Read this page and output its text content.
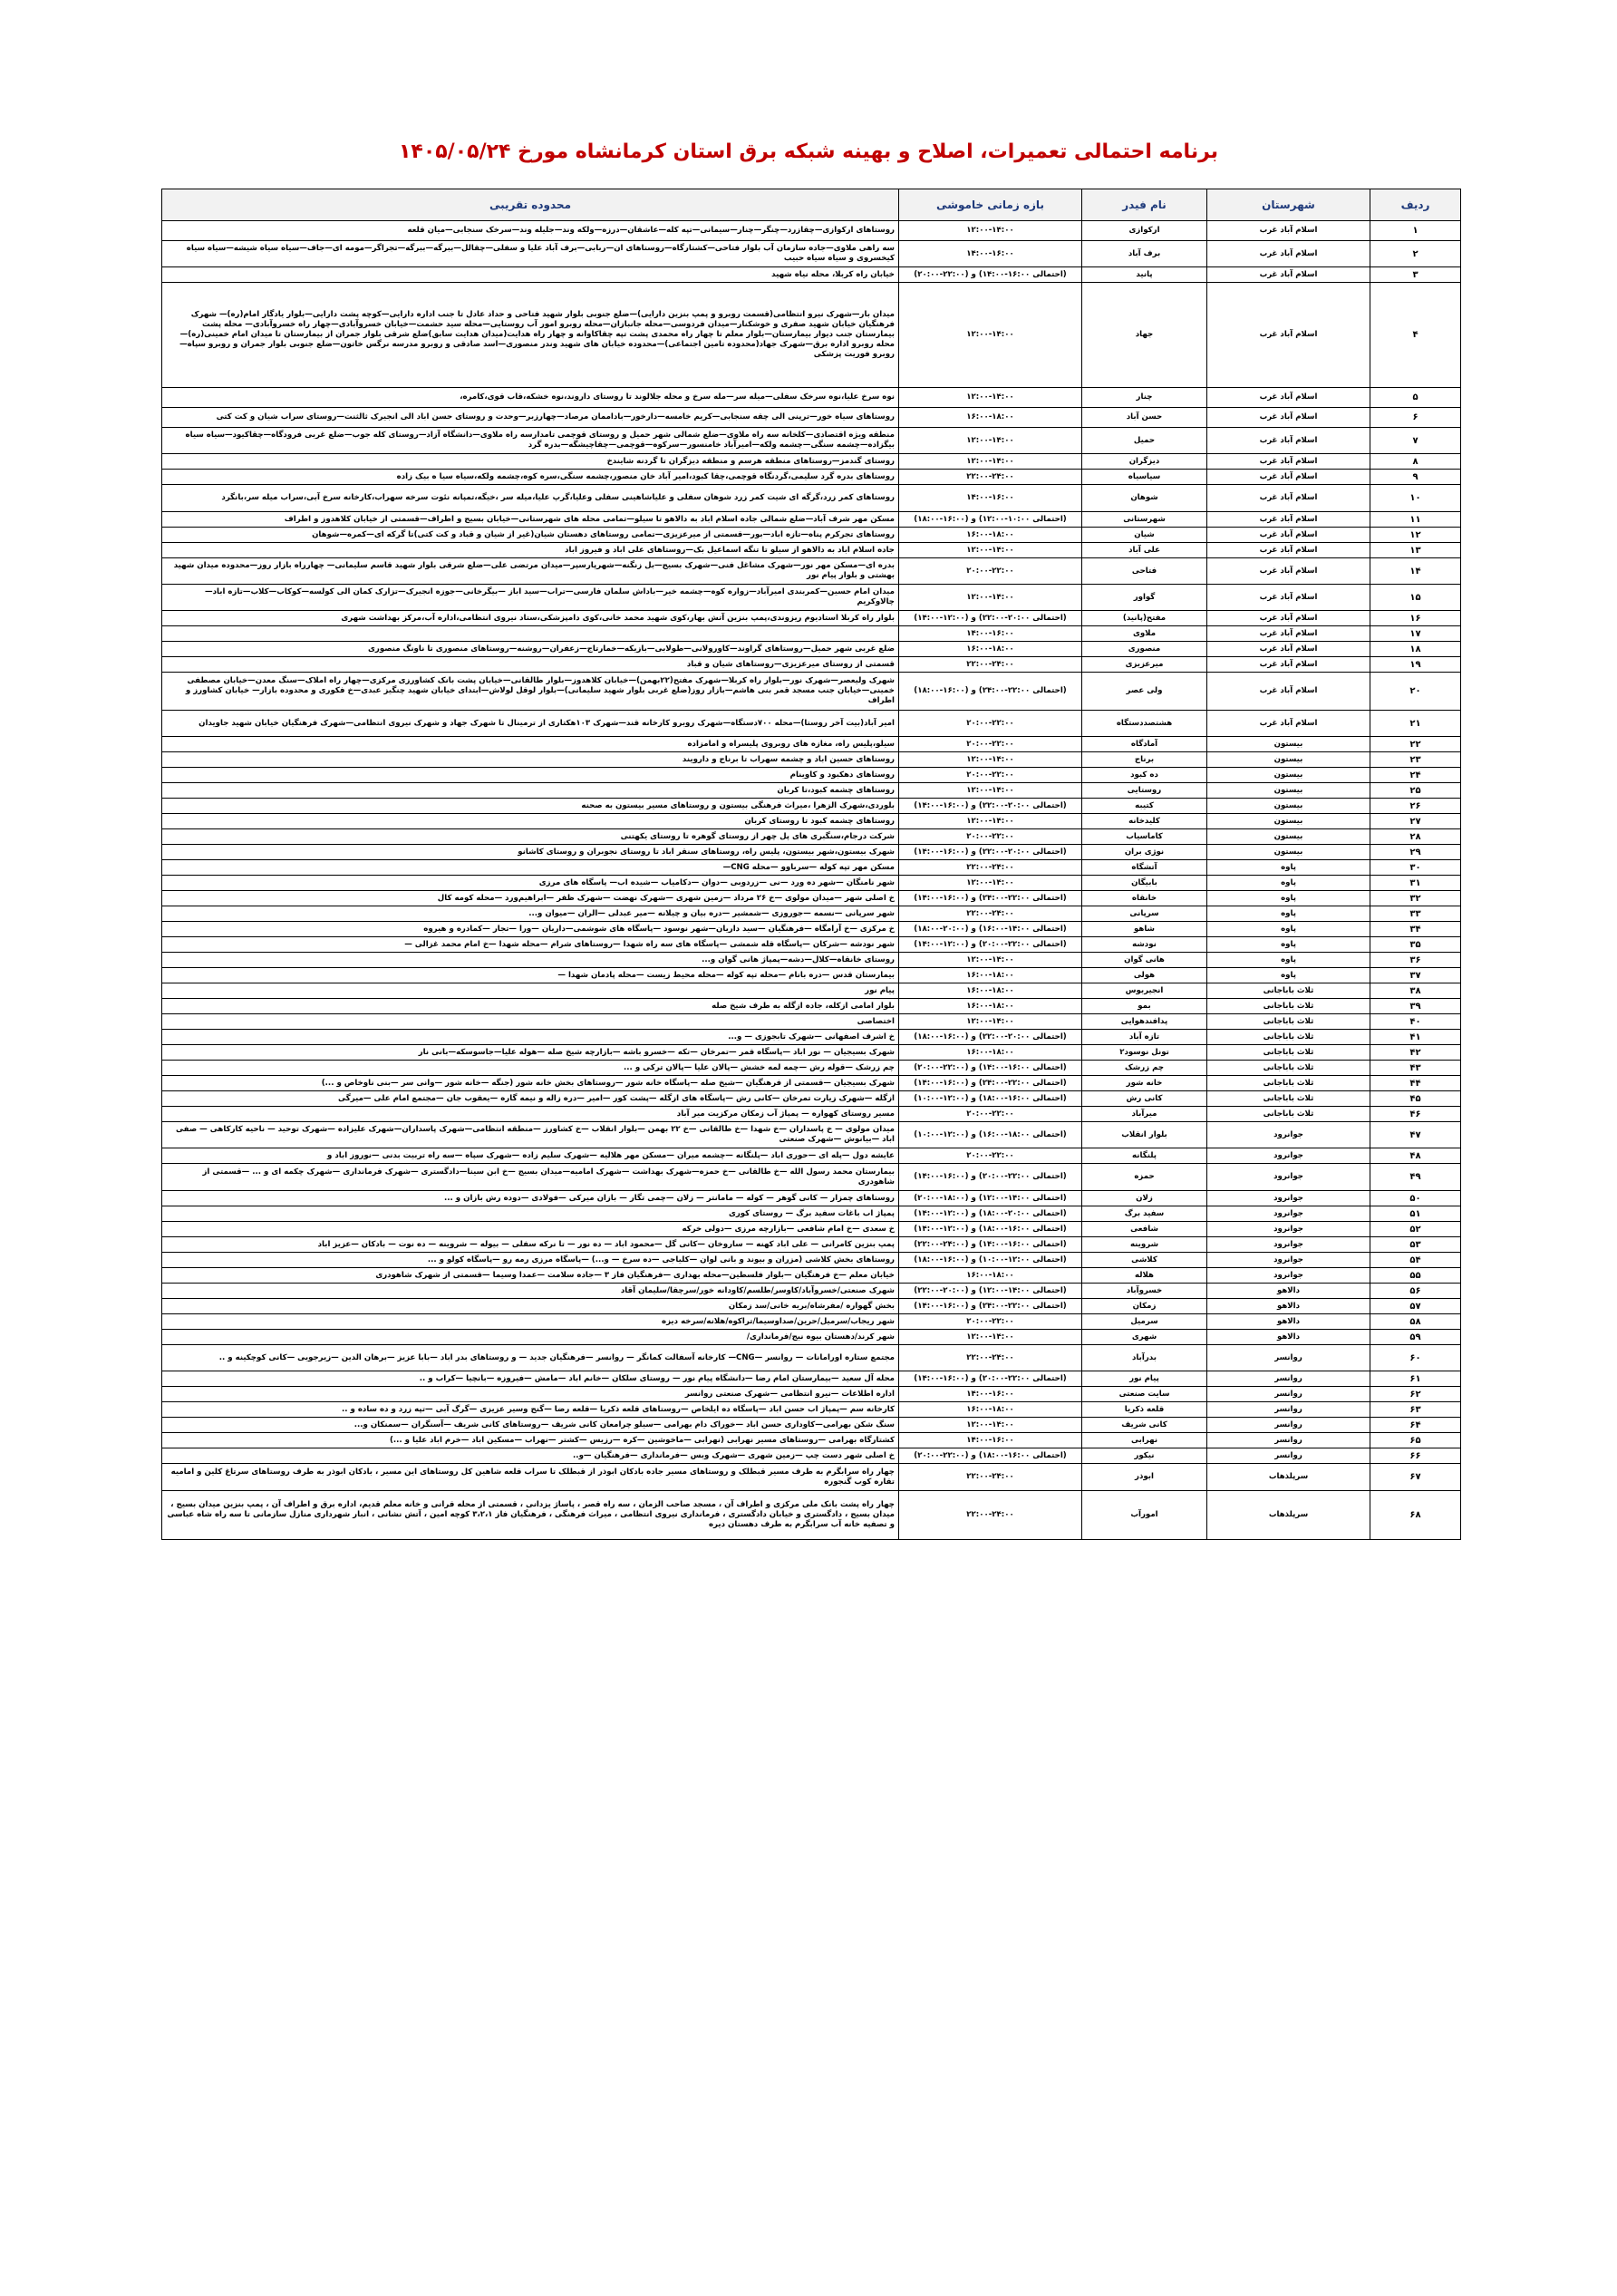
برنامه احتمالی تعمیرات، اصلاح و بهینه شبکه برق استان کرمانشاه مورخ ۱۴۰۵/۰۵/۲۴
ردیف	شهرستان	نام فیدر	بازه زمانی خاموشی	محدوده تقریبی
۱	اسلام آباد غرب	ارکوازی	۱۲:۰۰-۱۴:۰۰	روستاهای ارکوازی—چقازرد—چنگر—چنار—سیمانی—تپه کله—عاشقان—درزه—ولکه وند—جلیله وند—سرخک سنجابی—میان قلعه
۲	اسلام آباد غرب	برف آباد	۱۴:۰۰-۱۶:۰۰	سه راهی ملاوی—جاده سازمان آب بلوار فتاحی—کشتارگاه—روستاهای ان—ربابی—برف آباد علیا و سفلی—چقالل—ببرگه—ببرگه—تجراگر—مومه ای—جاف—سیاه سیاه شیشه—سیاه سیاه کیخسروی و سیاه سیاه حبیب
۳	اسلام آباد غرب	پانید	(احتمالی ۱۶:۰۰-۱۴:۰۰) و (۲۲:۰۰-۲۰:۰۰)	خیابان راه کربلا، محله نیاه شهید
۴	اسلام آباد غرب	جهاد	۱۲:۰۰-۱۴:۰۰	میدان بار—شهرک نیرو انتظامی(قسمت روبرو و پمپ بنزین دارایی)—ضلع جنوبی بلوار شهید فتاحی و حداد عادل تا جنب اداره دارایی—کوچه پشت دارایی—بلوار یادگار امام(ره)— شهرک فرهنگیان خیابان شهید صفری و خوشکنار—میدان فردوسی—محله جانبازان—محله روبرو امور آب روستایی—محله سید حشمت—خیابان خسروآبادی—چهار راه خسروآبادی— محله پشت بیمارستان جنب دیوار بیمارستان—بلوار معلم تا چهار راه محمدی پشت تپه چقاکاوانه و چهار راه هدایت(میدان هدایت سابق)ضلع شرقی بلوار جمران از بیمارستان تا میدان امام خمینی(ره)—محله روبرو اداره برق—شهرک جهاد(محدوده تامین اجتماعی)—محدوده خیابان های شهید وندر منصوری—اسد صادقی و روبرو مدرسه نرگس خاتون—ضلع جنوبی بلوار جمران و روبرو سپاه—روبرو فوریت پزشکی
۵	اسلام آباد غرب	چنار	۱۲:۰۰-۱۴:۰۰	نوه سرخ علیا،نوه سرخک سفلی—میله سر—مله سرخ و محله جلالوند تا روستای داروند،نوه خشکه،قاب قوی،کامره،
۶	اسلام آباد غرب	حسن آباد	۱۶:۰۰-۱۸:۰۰	روستاهای سیاه خور—ترپنی الی چقه سنجابی—کریم خامسه—دارخور—باداممان مرصاد—چهارزبر—وحدت و روستای حسن اباد الی انجیرک ثالثنت—روستای سراب شیان و کت کتی
۷	اسلام آباد غرب	حمیل	۱۲:۰۰-۱۴:۰۰	منطقه ویژه اقتصادی—کلخانه سه راه ملاوی—ضلع شمالی شهر حمیل و روستای قوچمی تامدارسه راه ملاوی—دانشگاه آزاد—روستای کله جوب—ضلع غربی فرودگاه—چقاکیود—سیاه سیاه بیگزاده—چشمه سنگی—چشمه ولکه—امیرآباد خامنسور—سرکوه—قوچمی—چقاچیشگه—بدره گرد
۸	اسلام آباد غرب	دیزگران	۱۲:۰۰-۱۴:۰۰	روستای گندمز—روستاهای منطقه هرسم و منطقه دیزگران تا گردنه شایندخ
۹	اسلام آباد غرب	سیاسیاه	۲۲:۰۰-۲۴:۰۰	روستاهای بدره گرد سلیمی،گردنگاه قوچمی،چقا کبود،امیر آباد خان منصور،چشمه سنگی،سره کوه،چشمه ولکه،سیاه سیا ه بیک زاده
۱۰	اسلام آباد غرب	شوهان	۱۴:۰۰-۱۶:۰۰	روستاهای کمر زرد،گرگه ای شیت کمر زرد شوهان سفلی و علیاشاهینی سفلی وعلیا،گرپ علیا،میله سر ،خیگه،تمپانه نئوت سرخه سهراب،کارخانه سرخ آبی،سراب میله سر،بانگرد
۱۱	اسلام آباد غرب	شهرستانی	(احتمالی ۱۰:۰۰-۱۲:۰۰) و (۱۶:۰۰-۱۸:۰۰)	مسکن مهر شرف آباد—ضلع شمالی جاده اسلام اباد به دالاهو تا سیلو—تمامی محله های شهرستانی—خیابان بسیج و اطراف—قسمتی از خیابان کلاهدوز و اطراف
۱۲	اسلام آباد غرب	شیان	۱۶:۰۰-۱۸:۰۰	روستاهای تجرکرم پناه—تازه اباد—بور—قسمتی از میرعزیزی—تمامی روستاهای دهستان شیان(غیر از شیان و قباد و کت کتی)تا گرکه ای—کمره—شوهان
۱۳	اسلام آباد غرب	علی آباد	۱۲:۰۰-۱۴:۰۰	جاده اسلام اباد به دالاهو از سیلو تا تنگه اسماعیل بک—روستاهای علی اباد و فیروز اباد
۱۴	اسلام آباد غرب	فتاحی	۲۰:۰۰-۲۲:۰۰	بدره ای—مسکن مهر نور—شهرک مشاغل فنی—شهرک بسیج—بل زنگنه—شهرپارسپر—میدان مرتضی علی—ضلع شرقی بلوار شهید قاسم سلیمانی— چهارراه بازار روز—محدوده میدان شهید بهشتی و بلوار پیام نور
۱۵	اسلام آباد غرب	گواور	۱۲:۰۰-۱۴:۰۰	میدان امام حسین—کمربندی امیرآباد—زواره کوه—چشمه خیر—باداش سلمان فارسی—تراب—سید اباز —بیگرخانی—جوزه انجیرک—تزارک کمان الی کولسه—کوکاب—کلاب—تازه اباد— چالاوکریم
۱۶	اسلام آباد غرب	مفتح(پانید)	(احتمالی ۲۰:۰۰-۲۲:۰۰) و (۱۲:۰۰-۱۴:۰۰)	بلوار راه کربلا استادیوم ریزوندی،پمپ بنزین آتش بهار،کوی شهید محمد خانی،کوی دامپزشکی،ستاد نیروی انتظامی،اداره آب،مرکز بهداشت شهری
۱۷	اسلام آباد غرب	ملاوی	۱۴:۰۰-۱۶:۰۰	
۱۸	اسلام آباد غرب	منصوری	۱۶:۰۰-۱۸:۰۰	ضلع غربی شهر حمیل—روستاهای گراوند—کاورولانی—طولابی—بازیکه—خمارتاج—زعفران—روشنه—روستاهای منصوری تا ناونگ منصوری
۱۹	اسلام آباد غرب	میرعزیزی	۲۲:۰۰-۲۴:۰۰	قسمتی از روستای میرعزیزی—روستاهای شیان و قباد
۲۰	اسلام آباد غرب	ولی عصر	(احتمالی ۲۲:۰۰-۲۴:۰۰) و (۱۶:۰۰-۱۸:۰۰)	شهرک ولیعصر—شهرک نور—بلوار راه کربلا—شهرک مفتح(۲۲بهمن)—خیابان کلاهدوز—بلوار طالقانی—خیابان پشت بانک کشاورزی مرکزی—چهار راه املاک—سنگ معدن—خیابان مصطفی خمینی—خیابان جنب مسجد قمر بنی هاشم—بازار روز(ضلع غربی بلوار شهید سلیمانی)—بلوار لوقل لولاش—ابتدای خیابان شهید چنگیز عبدی—خ فکوری و محدوده بازار— خیابان کشاورز و اطراف
۲۱	اسلام آباد غرب	هشتصددستگاه	۲۰:۰۰-۲۲:۰۰	امیر آباد(بیت آخر روستا)—محله ۷۰۰دستگاه—شهرک روبرو کارخانه قند—شهرک ۱۰۳هکتاری از ترمینال تا شهرک جهاد و شهرک نیروی انتظامی—شهرک فرهنگیان خیابان شهید جاویدان
۲۲	بیستون	آمادگاه	۲۰:۰۰-۲۲:۰۰	سیلو،پلیس راه، مغازه های روبروی پلیسراه و امامزاده
۲۳	بیستون	برناج	۱۲:۰۰-۱۴:۰۰	روستاهای حسین اباد و چشمه سهراب تا برناج و دارویند
۲۴	بیستون	ده کبود	۲۰:۰۰-۲۲:۰۰	روستاهای دهکبود و کاوینام
۲۵	بیستون	روستایی	۱۲:۰۰-۱۴:۰۰	روستاهای چشمه کبود،تا کربان
۲۶	بیستون	کتیبه	(احتمالی ۲۰:۰۰-۲۲:۰۰) و (۱۶:۰۰-۱۴:۰۰)	بلوردی،شهرک الزهرا ،میراث فرهنگی بیستون و روستاهای مسیر بیستون به صحنه
۲۷	بیستون	کلیدخانه	۱۲:۰۰-۱۴:۰۰	روستاهای چشمه کبود تا روستای کربان
۲۸	بیستون	کاماسیاب	۲۰:۰۰-۲۲:۰۰	شرکت درجام،سنگبری های پل چهر از روستای گوهره تا روستای یکهتنی
۲۹	بیستون	نوژی بران	(احتمالی ۲۰:۰۰-۲۲:۰۰) و (۱۶:۰۰-۱۴:۰۰)	شهرک بیستون،شهر بیستون، پلیس راه، روستاهای سنقر اباد تا روستای نجوبران و روستای کاشانو
۳۰	پاوه	آتشگاه	۲۲:۰۰-۲۴:۰۰	مسکن مهر تپه کوله —سرباوو —محله CNG—
۳۱	پاوه	بابیگان	۱۲:۰۰-۱۴:۰۰	شهر نامنگان —شهر ده ورد —نی —زردوبی —دوان —دکامیاب —شیده اب— پاسگاه های مرزی
۳۲	پاوه	خانقاه	(احتمالی ۲۲:۰۰-۲۴:۰۰) و (۱۶:۰۰-۱۴:۰۰)	خ اصلی شهر —میدان مولوی —خ ۲۶ مرداد —زمین شهری —شهرک نهضت —شهرک ظفر —ابراهیم‌ورد —محله کومه کال
۳۳	پاوه	سرپانی	۲۲:۰۰-۲۴:۰۰	شهر سرپانی —نسمه —جوروزی —شمشیر —دره بیان و چیلانه —میر عبدلی —الران —میوان و...
۳۴	پاوه	شاهو	(احتمالی ۱۴:۰۰-۱۶:۰۰) و (۲۰:۰۰-۱۸:۰۰)	خ مرکزی —خ آرامگاه —فرهنگیان —سید داریان—شهر نوسود —پاسگاه های شوشمی—داریان —ورا —تجار —کمادره و هیروه
۳۵	پاوه	نودشه	(احتمالی ۲۲:۰۰-۲۰:۰۰) و (۱۲:۰۰-۱۴:۰۰)	شهر نودشه —شرکان —پاسگاه قله شمشی —پاسگاه های سه راه شهدا —روستاهای شرام —محله شهدا —خ امام محمد غزالی —
۳۶	پاوه	هانی گوان	۱۲:۰۰-۱۴:۰۰	روستای خانقاه—کلال—دشه—پمپاژ هانی گوان و...
۳۷	پاوه	هولی	۱۶:۰۰-۱۸:۰۰	بیمارستان قدس —دره بانام —محله تپه کوله —محله محیط زیست —محله پادمان شهدا —
۳۸	ثلاث باباجانی	انجیربوس	۱۶:۰۰-۱۸:۰۰	پیام نور
۳۹	ثلاث باباجانی	بمو	۱۶:۰۰-۱۸:۰۰	بلوار امامی ازکله، جاده ازگله به طرف شیخ صله
۴۰	ثلاث باباجانی	پدافندهوایی	۱۲:۰۰-۱۴:۰۰	اختصاصی
۴۱	ثلاث باباجانی	تازه آباد	(احتمالی ۲۰:۰۰-۲۲:۰۰) و (۱۶:۰۰-۱۸:۰۰)	خ اشرف اصفهانی —شهرک تابجوزی — و...
۴۲	ثلاث باباجانی	تونل نوسود۲	۱۶:۰۰-۱۸:۰۰	شهرک بسیجیان — نور اباد —پاسگاه قمر —تمرخان —تکه —خسرو باشه —بازارچه شیخ صله —هوله علیا—جاسوسکه—بانی نار
۴۳	ثلاث باباجانی	چم زرشک	(احتمالی ۱۶:۰۰-۱۴:۰۰) و (۲۲:۰۰-۲۰:۰۰)	چم زرشک —قوله رش —چمه لمه خشش —پالان علیا —پالان ترکی و ...
۴۴	ثلاث باباجانی	خانه شور	(احتمالی ۲۲:۰۰-۲۴:۰۰) و (۱۶:۰۰-۱۴:۰۰)	شهرک بسیجیان —قسمتی از فرهنگیان —شیخ صله —پاسگاه خانه شور —روستاهای بخش خانه شور (جنگه —خانه شور —وانی سر —بنی ناوخاص و ...)
۴۵	ثلاث باباجانی	کانی رش	(احتمالی ۱۶:۰۰-۱۸:۰۰) و (۱۲:۰۰-۱۰:۰۰)	ازگله —شهرک زیارت تمرخان —کانی رش —پاسگاه های ازگله —پشت کور —امیر —دره زاله و نیمه گاره —یعقوب جان —مجتمع امام علی —میرگی
۴۶	ثلاث باباجانی	میرآباد	۲۰:۰۰-۲۲:۰۰	مسیر روستای کهواره — پمپاژ آب زمکان مرکزیت میر آباد
۴۷	جوانرود	بلوار انقلاب	(احتمالی ۱۸:۰۰-۱۶:۰۰) و (۱۲:۰۰-۱۰:۰۰)	میدان مولوی — خ پاسداران —خ شهدا —خ طالقانی —خ ۲۲ بهمن —بلوار انقلاب —خ کشاورز —منطقه انتظامی—شهرک پاسداران—شهرک علیزاده —شهرک توحید — ناحیه کارکاهی — صفی اباد —بیانوش —شهرک صنعتی
۴۸	جوانرود	پلنگانه	۲۰:۰۰-۲۲:۰۰	عایشه دول —پله ای —حوری اباد —پلنگانه —چشمه میران —مسکن مهر هلالیه —شهرک سلیم زاده —شهرک سپاه —سه راه تربیت بدنی —نوروز اباد و
۴۹	جوانرود	حمزه	(احتمالی ۲۲:۰۰-۲۰:۰۰) و (۱۶:۰۰-۱۴:۰۰)	بیمارستان محمد رسول الله —خ طالقانی —خ حمزه—شهرک بهداشت —شهرک امامیه—میدان بسیج —خ ابن سینا—دادگستری —شهرک فرمانداری —شهرک چکمه ای و ... —قسمتی از شاهودری
۵۰	جوانرود	زلان	(احتمالی ۱۴:۰۰-۱۲:۰۰) و (۱۸:۰۰-۲۰:۰۰)	روستاهای چمزار — کانی گوهر — کوله — مامانتر — زلان —چمی تگار — بازان میرکی —فولادی —دوده رش بازان و ...
۵۱	جوانرود	سفید برگ	(احتمالی ۲۰:۰۰-۱۸:۰۰) و (۱۲:۰۰-۱۴:۰۰)	پمپاژ اب باغات سفید برگ — روستای کوری
۵۲	جوانرود	شافعی	(احتمالی ۱۶:۰۰-۱۸:۰۰) و (۱۲:۰۰-۱۴:۰۰)	خ سعدی —خ امام شافعی —بازارچه مرزی —دولی خرکه
۵۳	جوانرود	شروینه	(احتمالی ۱۶:۰۰-۱۴:۰۰) و (۲۴:۰۰-۲۲:۰۰)	پمپ بنزین کامرانی — علی اباد کهنه — ساروخان —کانی گل —محمود اباد — ده نور — تا نرکه سفلی — بیوله — شروینه — ده نوت — بادکان —عزیز اباد
۵۴	جوانرود	کلاشی	(احتمالی ۱۲:۰۰-۱۰:۰۰) و (۱۶:۰۰-۱۸:۰۰)	روستاهای بخش کلاشی (مزران و بیوند و بانی لوان —کلیاجی —ده سرخ — و...) —پاسگاه مرزی رمه رو —پاسگاه کولو و ...
۵۵	جوانرود	هلاله	۱۶:۰۰-۱۸:۰۰	خیابان معلم —خ فرهنگیان —بلوار فلسطین—محله بهداری —فرهنگیان فاز ۳ —جاده سلامت —عمدا وسیما —قسمتی از شهرک شاهودری
۵۶	دالاهو	خسروآباد	(احتمالی ۱۴:۰۰-۱۲:۰۰) و (۲۰:۰۰-۲۲:۰۰)	شهرک صنعتی/خسروآباد/کاوسر/طلسم/کاودانه خور/سرچقا/سلیمان آقاد
۵۷	دالاهو	زمکان	(احتمالی ۲۲:۰۰-۲۴:۰۰) و (۱۶:۰۰-۱۴:۰۰)	بخش گهواره /مفرشاه/بریه خانی/سد زمکان
۵۸	دالاهو	سرمیل	۲۰:۰۰-۲۲:۰۰	شهر ریجاب/سرمیل/حرین/صداوسیما/تراکوه/هلانه/سرخه دیزه
۵۹	دالاهو	شهری	۱۲:۰۰-۱۴:۰۰	شهر کرند/دهستان بیوه نیج/فرمانداری/
۶۰	روانسر	بدرآباد	۲۲:۰۰-۲۴:۰۰	مجتمع ستاره اورامانات — روانسر —CNG— کارخانه آسفالت کمانگر — روانسر —فرهنگیان جدید — و روستاهای بدر اباد —بابا عزیز —برهان الدین —زیرجویی —کانی کوچکینه و ..
۶۱	روانسر	پیام نور	(احتمالی ۲۲:۰۰-۲۰:۰۰) و (۱۶:۰۰-۱۴:۰۰)	محله آل سعید —بیمارستان امام رضا —دانشگاه پیام نور — روستای سلکان —خانم اباد —مامش —فیروزه —بانچیا —کراب و ..
۶۲	روانسر	سایت صنعتی	۱۴:۰۰-۱۶:۰۰	اداره اطلاعات —نیرو انتظامی —شهرک صنعتی روانسر
۶۳	روانسر	قلعه ذکریا	۱۶:۰۰-۱۸:۰۰	کارخانه سم —پمپاژ اب حسن اباد —پاسگاه ده ایلخاص —روستاهای قلعه ذکریا —قلعه رضا —گنج وسیر عزیزی —گرگ آبی —تپه زرد و ده ساده و ..
۶۴	روانسر	کانی شریف	۱۲:۰۰-۱۴:۰۰	سنگ شکن بهرامی—کاوداری حسن اباد —خوراک دام بهرامی —سیلو چرامعان کانی شریف —روستاهای کانی شریف —آسنگران —سمنکان و...
۶۵	روانسر	نهرابی	۱۴:۰۰-۱۶:۰۰	کشتارگاه بهرامی —روستاهای مسیر نهرابی (نهرابی —ماخوشین —کره —رزیس —کشتر —نهراب —مسکین اباد —خرم اباد علیا و ...)
۶۶	روانسر	نیکور	(احتمالی ۱۶:۰۰-۱۸:۰۰) و (۲۲:۰۰-۲۰:۰۰)	خ اصلی شهر دست چپ —زمین شهری —شهرک وبس —فرمانداری —فرهنگیان —و..
۶۷	سرپلذهاب	ابوذر	۲۲:۰۰-۲۴:۰۰	چهار راه سرابگرم به طرف مسیر قبطلک و روستاهای مسیر جاده بادکان ابوذر از قبطلک تا سراب قلعه شاهین کل روستاهای این مسیر ، بادکان ابوذر به طرف روستاهای سرتاغ کلین و امامیه تقاره کوب گنجوره
۶۸	سرپلذهاب	امورآب	۲۲:۰۰-۲۴:۰۰	چهار راه پشت بانک ملی مرکزی و اطراف آن ، مسجد صاحب الزمان ، سه راه قصر ، پاساژ یزدانی ، قسمتی از محله قرانی و خانه معلم قدیم، اداره برق و اطراف آن ، پمپ بنزین میدان بسیج ، میدان بسیج ، دادگستری و خیابان دادگستری ، فرمانداری نیروی انتظامی ، میراث فرهنگی ، فرهنگیان فاز ۳،۲،۱ کوچه امین ، آتش نشانی ، انبار شهرداری منازل سازمانی تا سه راه شاه عباسی و تصفیه خانه آب سرابگرم به طرف دهستان دیره
